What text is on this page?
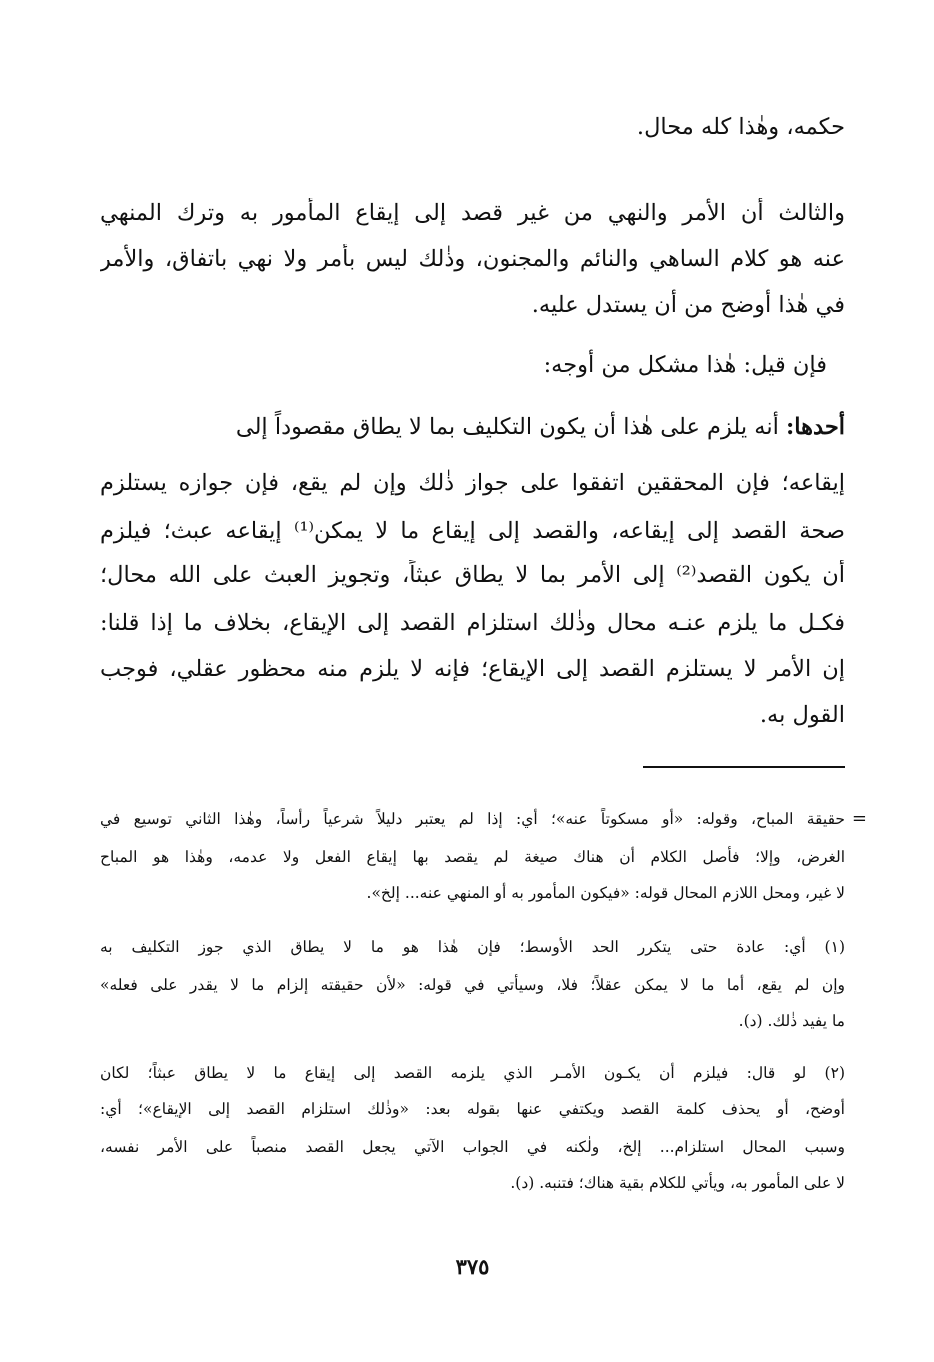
حكمه، وهٰذا كله محال.
والثالث أن الأمر والنهي من غير قصد إلى إيقاع المأمور به وترك المنهي
عنه هو كلام الساهي والنائم والمجنون، وذٰلك ليس بأمر ولا نهي باتفاق، والأمر
في هٰذا أوضح من أن يستدل عليه.
فإن قيل: هٰذا مشكل من أوجه:
أحدها: أنه يلزم على هٰذا أن يكون التكليف بما لا يطاق مقصوداً إلى
إيقاعه؛ فإن المحققين اتفقوا على جواز ذٰلك وإن لم يقع، فإن جوازه يستلزم
صحة القصد إلى إيقاعه، والقصد إلى إيقاع ما لا يمكن⁽¹⁾ إيقاعه عبث؛ فيلزم
أن يكون القصد⁽²⁾ إلى الأمر بما لا يطاق عبثاً، وتجويز العبث على الله محال؛
فكـل ما يلزم عنـه محال وذٰلك استلزام القصد إلى الإيقاع، بخلاف ما إذا قلنا:
إن الأمر لا يستلزم القصد إلى الإيقاع؛ فإنه لا يلزم منه محظور عقلي، فوجب
القول به.
=
حقيقة المباح، وقوله: «أو مسكوتاً عنه»؛ أي: إذا لم يعتبر دليلاً شرعياً رأساً، وهٰذا الثاني توسيع في
الغرض، وإلا؛ فأصل الكلام أن هناك صيغة لم يقصد بها إيقاع الفعل ولا عدمه، وهٰذا هو المباح
لا غير، ومحل اللازم المحال قوله: «فيكون المأمور به أو المنهي عنه... إلخ».
(١) أي: عادة حتى يتكرر الحد الأوسط؛ فإن هٰذا هو ما لا يطاق الذي جوز التكليف به
وإن لم يقع، أما ما لا يمكن عقلاً؛ فلا، وسيأتي في قوله: «لأن حقيقته إلزام ما لا يقدر على فعله»
ما يفيد ذٰلك. (د).
(٢) لو قال: فيلزم أن يكـون الأمـر الذي يلزمه القصد إلى إيقاع ما لا يطاق عبثاً؛ لكان
أوضح، أو يحذف كلمة القصد ويكتفي عنها بقوله بعد: «وذٰلك استلزام القصد إلى الإيقاع»؛ أي:
وسبب المحال استلزام... إلخ، ولٰكنه في الجواب الآتي يجعل القصد منصباً على الأمر نفسه،
لا على المأمور به، ويأتي للكلام بقية هناك؛ فتنبه. (د).
٣٧٥
